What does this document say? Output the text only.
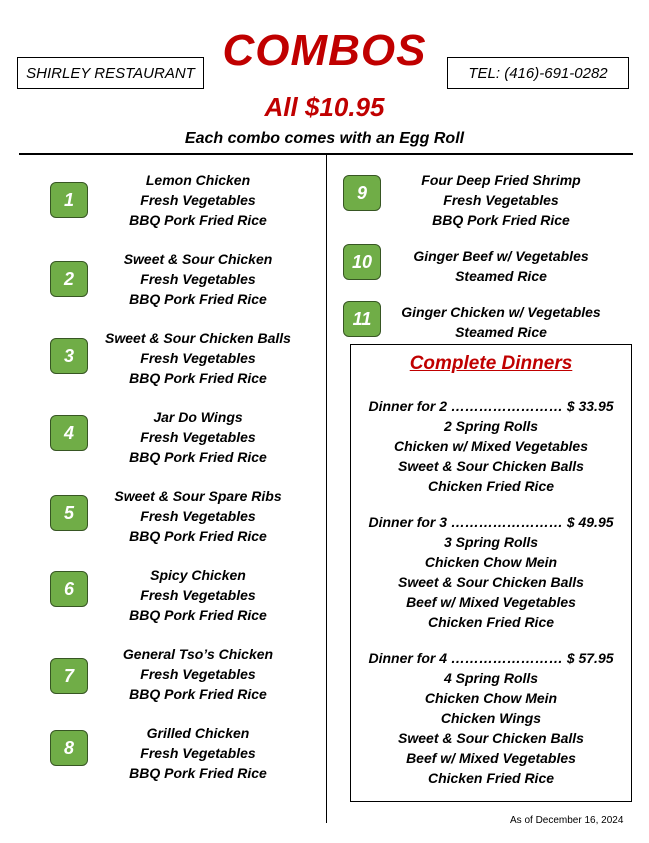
SHIRLEY RESTAURANT COMBOS	TEL: (416)-691-0282
All $10.95
Each combo comes with an Egg Roll
1
Lemon Chicken
Fresh Vegetables
BBQ Pork Fried Rice
2
Sweet & Sour Chicken
Fresh Vegetables
BBQ Pork Fried Rice
3
Sweet & Sour Chicken Balls
Fresh Vegetables
BBQ Pork Fried Rice
4
Jar Do Wings
Fresh Vegetables
BBQ Pork Fried Rice
5
Sweet & Sour Spare Ribs
Fresh Vegetables
BBQ Pork Fried Rice
6
Spicy Chicken
Fresh Vegetables
BBQ Pork Fried Rice
7
General Tso’s Chicken
Fresh Vegetables
BBQ Pork Fried Rice
8
Grilled Chicken
Fresh Vegetables
BBQ Pork Fried Rice
9
Four Deep Fried Shrimp
Fresh Vegetables
BBQ Pork Fried Rice
10	Ginger Beef w/ Vegetables
Steamed Rice
11	Ginger Chicken w/ Vegetables
Steamed Rice
Complete Dinners
Dinner for 2 …………………… $ 33.95
2 Spring Rolls
Chicken w/ Mixed Vegetables
Sweet & Sour Chicken Balls
Chicken Fried Rice
Dinner for 3 …………………… $ 49.95
3 Spring Rolls
Chicken Chow Mein
Sweet & Sour Chicken Balls
Beef w/ Mixed Vegetables
Chicken Fried Rice
Dinner for 4 …………………… $ 57.95
4 Spring Rolls
Chicken Chow Mein
Chicken Wings
Sweet & Sour Chicken Balls
Beef w/ Mixed Vegetables
Chicken Fried Rice
As of December 16, 2024
